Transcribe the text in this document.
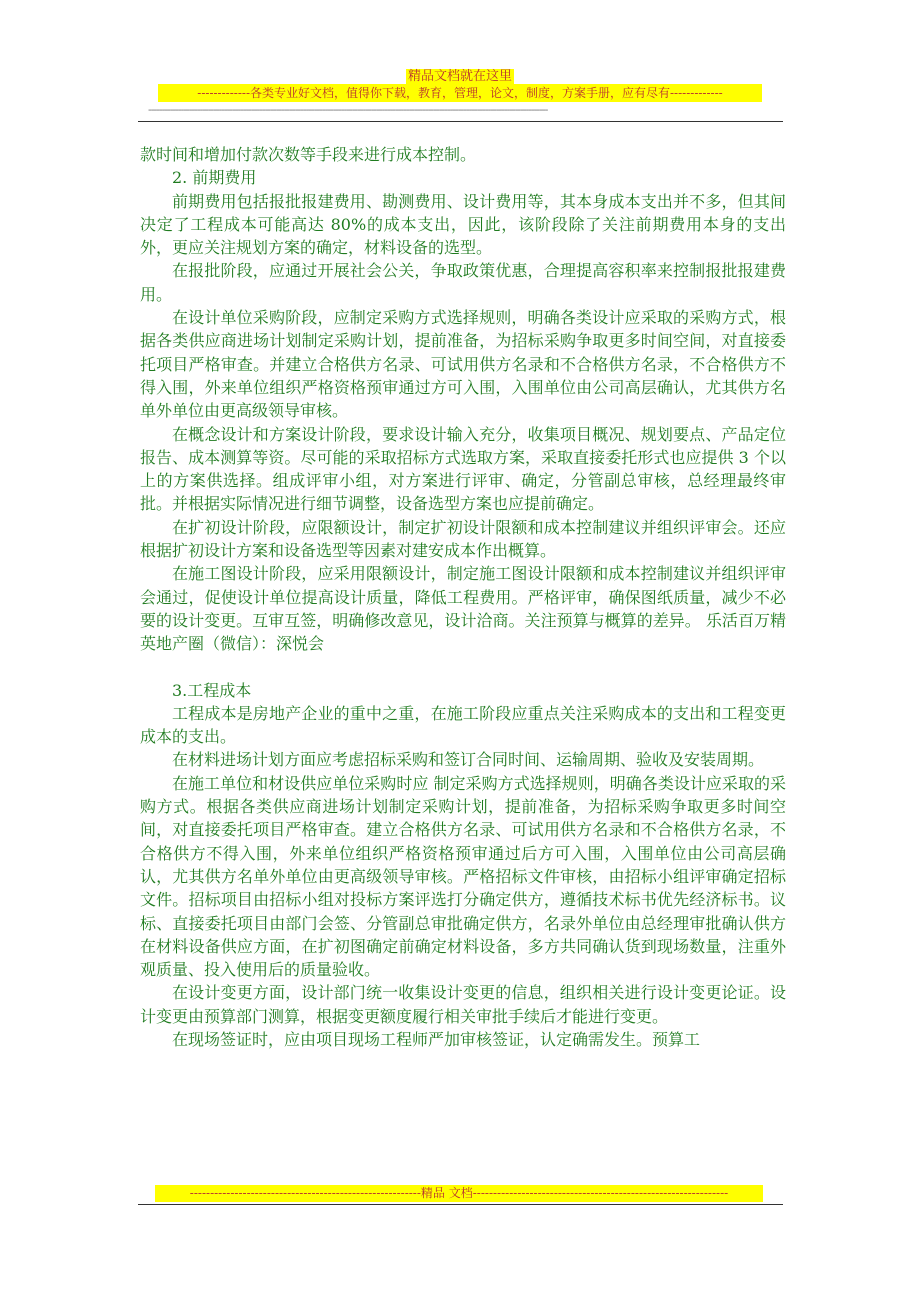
精品文档就在这里
-------------各类专业好文档，值得你下载，教育，管理，论文，制度，方案手册，应有尽有-------------
---------------------------------------------------------------------------------------------------------------------------------------------------

款时间和增加付款次数等手段来进行成本控制。

2. 前期费用

前期费用包括报批报建费用、勘测费用、设计费用等，其本身成本支出并不多，但其间决定了工程成本可能高达 80%的成本支出，因此，该阶段除了关注前期费用本身的支出外，更应关注规划方案的确定，材料设备的选型。

在报批阶段，应通过开展社会公关，争取政策优惠，合理提高容积率来控制报批报建费用。

在设计单位采购阶段，应制定采购方式选择规则，明确各类设计应采取的采购方式，根据各类供应商进场计划制定采购计划，提前准备，为招标采购争取更多时间空间，对直接委托项目严格审查。并建立合格供方名录、可试用供方名录和不合格供方名录，不合格供方不得入围，外来单位组织严格资格预审通过方可入围，入围单位由公司高层确认，尤其供方名单外单位由更高级领导审核。

在概念设计和方案设计阶段，要求设计输入充分，收集项目概况、规划要点、产品定位报告、成本测算等资。尽可能的采取招标方式选取方案，采取直接委托形式也应提供 3 个以上的方案供选择。组成评审小组，对方案进行评审、确定，分管副总审核，总经理最终审批。并根据实际情况进行细节调整，设备选型方案也应提前确定。

在扩初设计阶段，应限额设计，制定扩初设计限额和成本控制建议并组织评审会。还应根据扩初设计方案和设备选型等因素对建安成本作出概算。

在施工图设计阶段，应采用限额设计，制定施工图设计限额和成本控制建议并组织评审会通过，促使设计单位提高设计质量，降低工程费用。严格评审，确保图纸质量，减少不必要的设计变更。互审互签，明确修改意见，设计洽商。关注预算与概算的差异。 乐活百万精英地产圈（微信）：深悦会

3.工程成本

工程成本是房地产企业的重中之重，在施工阶段应重点关注采购成本的支出和工程变更成本的支出。

在材料进场计划方面应考虑招标采购和签订合同时间、运输周期、验收及安装周期。

在施工单位和材设供应单位采购时应 制定采购方式选择规则，明确各类设计应采取的采购方式。根据各类供应商进场计划制定采购计划，提前准备，为招标采购争取更多时间空间，对直接委托项目严格审查。建立合格供方名录、可试用供方名录和不合格供方名录，不合格供方不得入围，外来单位组织严格资格预审通过后方可入围，入围单位由公司高层确认，尤其供方名单外单位由更高级领导审核。严格招标文件审核，由招标小组评审确定招标文件。招标项目由招标小组对投标方案评选打分确定供方，遵循技术标书优先经济标书。议标、直接委托项目由部门会签、分管副总审批确定供方，名录外单位由总经理审批确认供方在材料设备供应方面，在扩初图确定前确定材料设备，多方共同确认货到现场数量，注重外观质量、投入使用后的质量验收。

在设计变更方面，设计部门统一收集设计变更的信息，组织相关进行设计变更论证。设计变更由预算部门测算，根据变更额度履行相关审批手续后才能进行变更。

在现场签证时，应由项目现场工程师严加审核签证，认定确需发生。预算工

---------------------------------------------------------精品 文档---------------------------------------------------------------
